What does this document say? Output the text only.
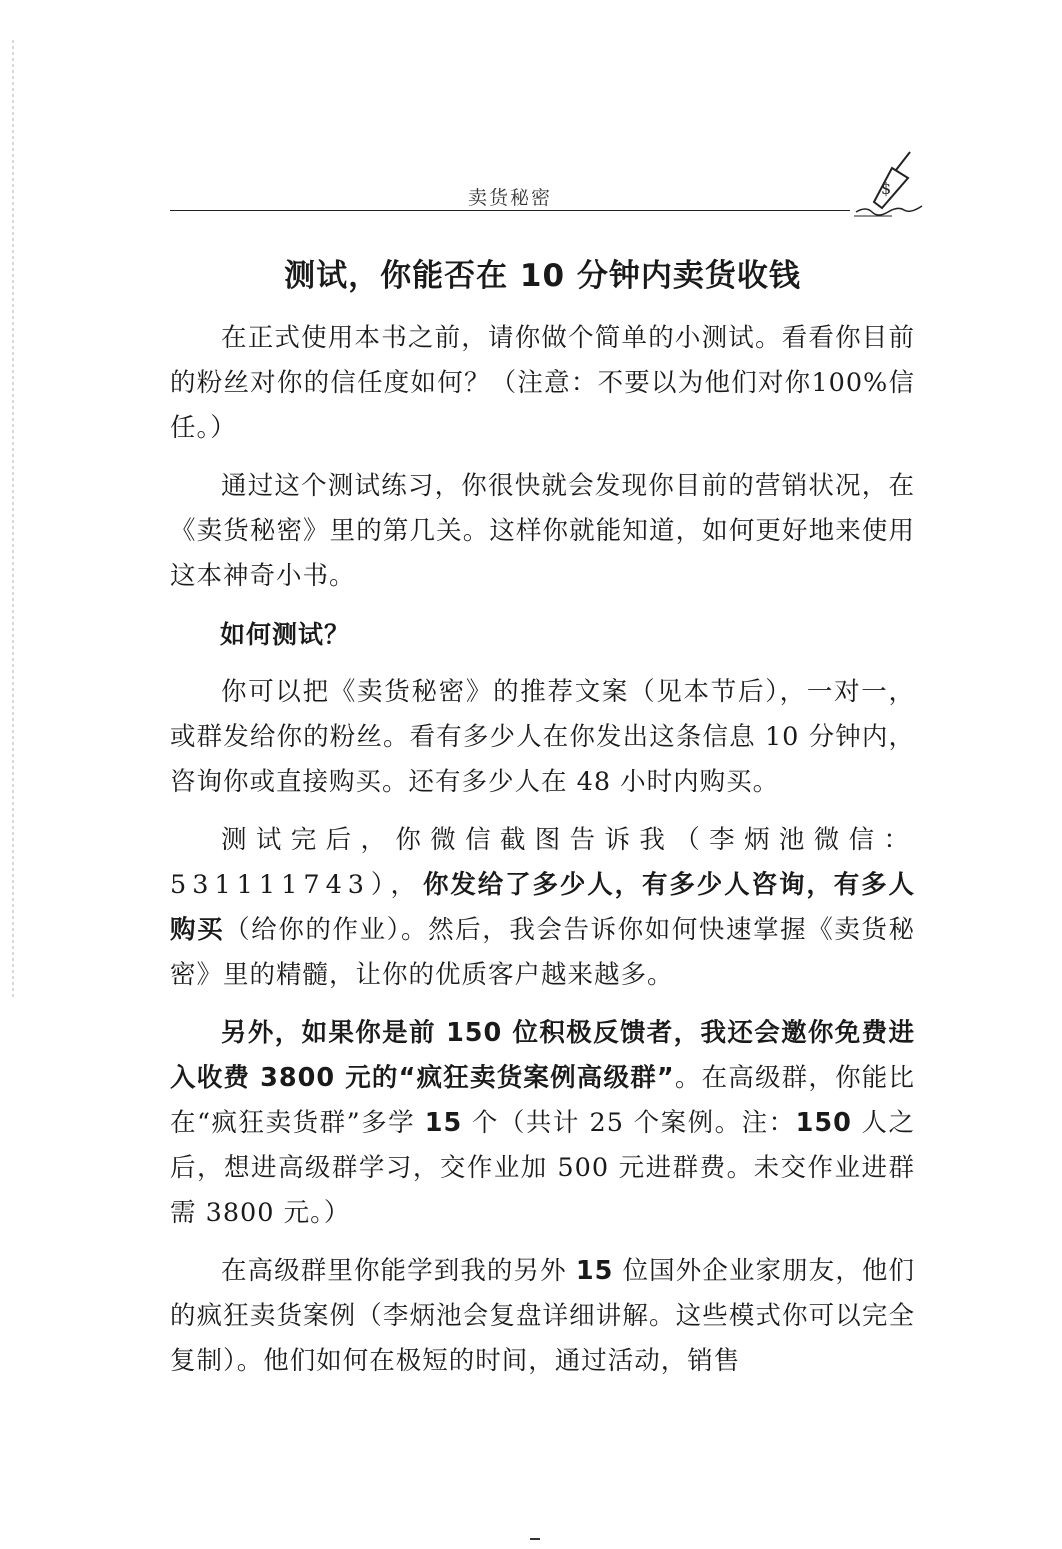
卖货秘密	$
测试，你能否在 10 分钟内卖货收钱

在正式使用本书之前，请你做个简单的小测试。看看你目前的粉丝对你的信任度如何？（注意：不要以为他们对你100%信任。）

通过这个测试练习，你很快就会发现你目前的营销状况，在《卖货秘密》里的第几关。这样你就能知道，如何更好地来使用这本神奇小书。

如何测试？

你可以把《卖货秘密》的推荐文案（见本节后），一对一，或群发给你的粉丝。看有多少人在你发出这条信息 10 分钟内，咨询你或直接购买。还有多少人在 48 小时内购买。

测试完后，你微信截图告诉我（李炳池微信：531111743），你发给了多少人，有多少人咨询，有多人购买（给你的作业）。然后，我会告诉你如何快速掌握《卖货秘密》里的精髓，让你的优质客户越来越多。

另外，如果你是前 150 位积极反馈者，我还会邀你免费进入收费 3800 元的“疯狂卖货案例高级群”。在高级群，你能比在“疯狂卖货群”多学 15 个（共计 25 个案例。注：150 人之后，想进高级群学习，交作业加 500 元进群费。未交作业进群需 3800 元。）

在高级群里你能学到我的另外 15 位国外企业家朋友，他们的疯狂卖货案例（李炳池会复盘详细讲解。这些模式你可以完全复制）。他们如何在极短的时间，通过活动，销售
